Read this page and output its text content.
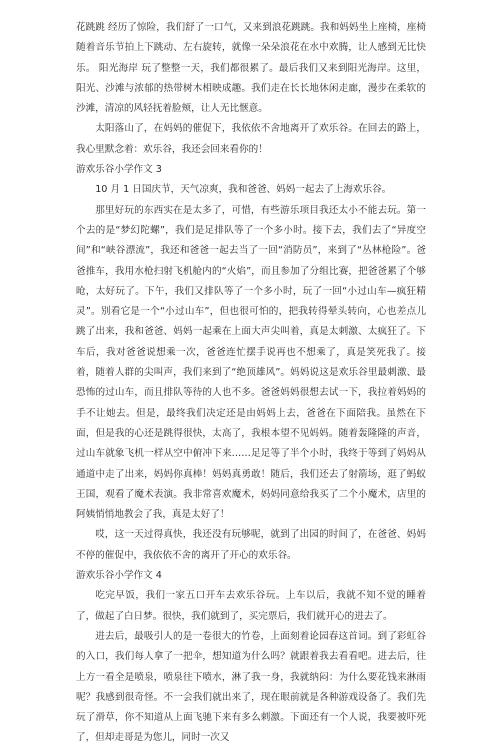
花跳跳 经历了惊险，我们舒了一口气，又来到浪花跳跳。我和妈妈坐上座椅，座椅随着音乐节拍上下跳动、左右旋转，就像一朵朵浪花在水中欢腾，让人感到无比快乐。 阳光海岸 玩了整整一天，我们都很累了。最后我们又来到阳光海岸。这里，阳光、沙滩与浓郁的热带树木相映成趣。我们走在长长地休闲走廊，漫步在柔软的沙滩，清凉的风轻抚着脸颊，让人无比惬意。

太阳落山了，在妈妈的催促下，我依依不舍地离开了欢乐谷。在回去的路上，我心里默念着：欢乐谷，我还会回来看你的！

游欢乐谷小学作文 3

10 月 1 日国庆节，天气凉爽，我和爸爸、妈妈一起去了上海欢乐谷。

那里好玩的东西实在是太多了，可惜，有些游乐项目我还太小不能去玩。第一个去的是“梦幻陀螺”，我们是足排队等了一个多小时。接下去，我们去了“异度空间”和“峡谷漂流”，我还和爸爸一起去当了一回“消防员”，来到了“丛林枪险”。爸爸推车，我用水枪扫射飞机舱内的“火焰”，而且参加了分组比赛，把爸爸累了个够呛，太好玩了。下午，我们又排队等了一个多小时，玩了一回“小过山车—疯狂精灵”。别看它是一个“小过山车”，但也很可怕的，把我转得晕头转向，心也差点儿跳了出来，我和爸爸、妈妈一起乘在上面大声尖叫着，真是太刺激、太疯狂了。下车后，我对爸爸说想乘一次，爸爸连忙摆手说再也不想乘了，真是笑死我了。接着，随着人群的尖叫声，我们来到了“绝顶雄风”。妈妈说这是欢乐谷里最刺激、最恐怖的过山车，而且排队等待的人也不多。爸爸妈妈很想去试一下，我拉着妈妈的手不让她去。但是，最终我们决定还是由妈妈上去，爸爸在下面陪我。虽然在下面，但是我的心还是跳得很快，太高了，我根本望不见妈妈。随着轰隆隆的声音，过山车就象飞机一样从空中俯冲下来……足足等了半个小时，我终于等到了妈妈从通道中走了出来，妈妈你真棒！妈妈真勇敢！随后，我们还去了射箭场，逛了蚂蚁王国，观看了魔术表演。我非常喜欢魔术，妈妈同意给我买了二个小魔术，店里的阿姨悄悄地教会了我，真是太好了！

哎，这一天过得真快，我还没有玩够呢，就到了出园的时间了，在爸爸、妈妈不停的催促中，我依依不舍的离开了开心的欢乐谷。

游欢乐谷小学作文 4

吃完早饭，我们一家五口开车去欢乐谷玩。上车以后，我就不知不觉的睡着了，做起了白日梦。很快，我们就到了，买完票后，我们就开心的进去了。

进去后，最吸引人的是一卷很大的竹卷，上面刻着论园春这首词。到了彩虹谷的入口，我们每人拿了一把伞，想知道为什么吗？就跟着我去看看吧。进去后，往上方一看全是喷泉，喷泉往下喷水，淋了我一身，我就纳闷：为什么要花钱来淋雨呢？我感到很奇怪。不一会我们就出来了，现在眼前就是各种游戏设备了。我们先玩了滑草，你不知道从上面飞驰下来有多么刺激。下面还有一个人说，我要被吓死了，但却走哥是为您儿，同时一次又
